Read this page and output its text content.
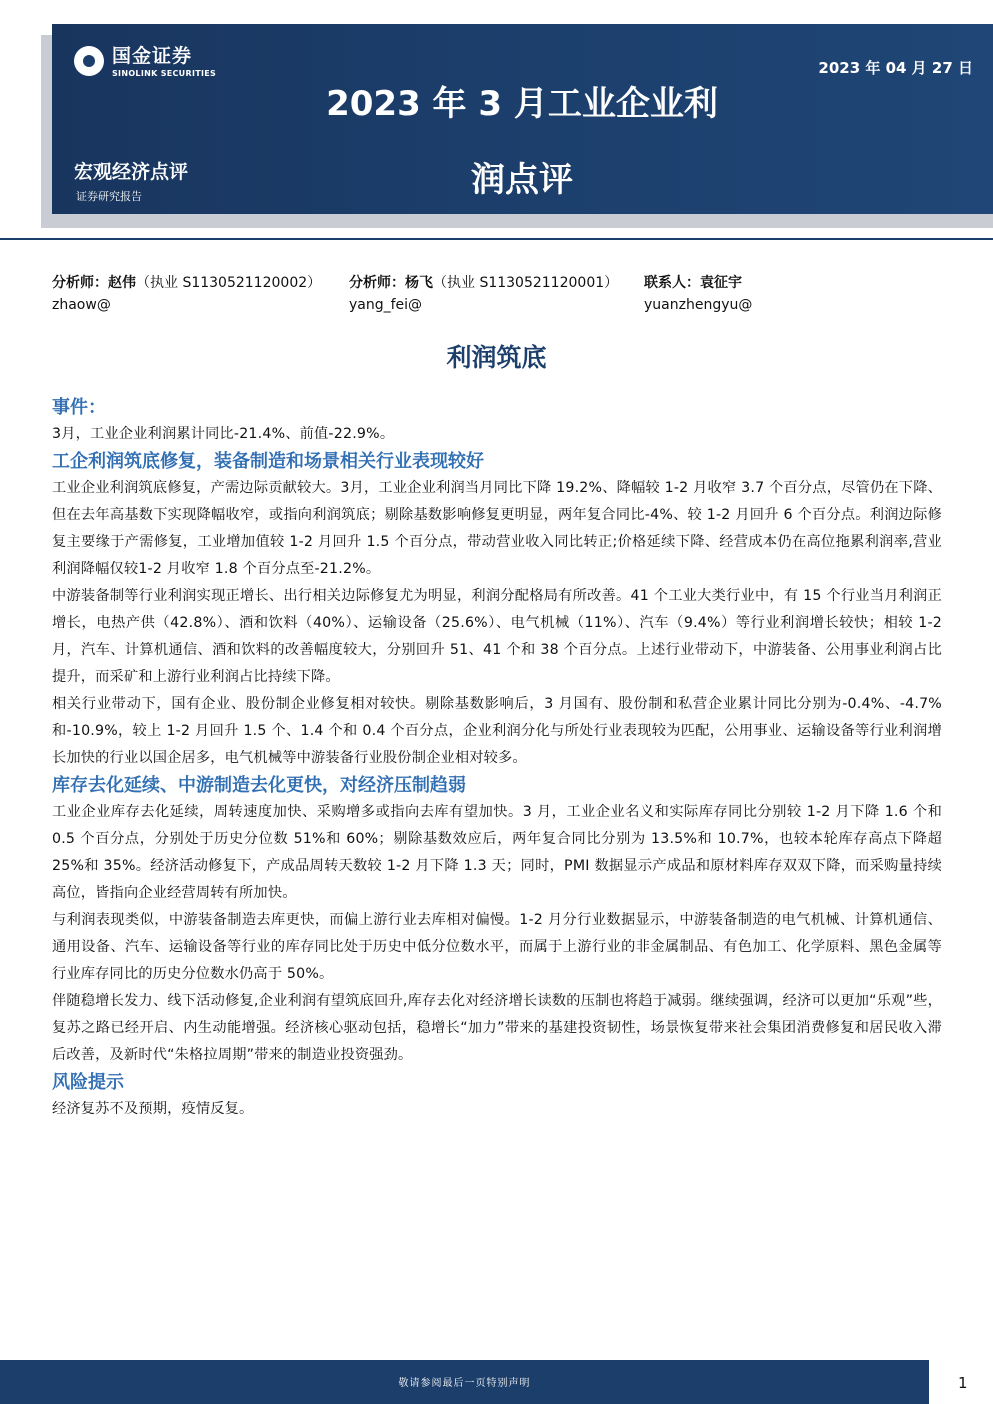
国金证券
SINOLINK SECURITIES	2023 年 04 月 27 日
2023 年 3 月工业企业利润点评
宏观经济点评
证券研究报告
分析师：赵伟（执业 S1130521120002）
zhaow@
分析师：杨飞（执业 S1130521120001）
yang_fei@
联系人：袁征宇
yuanzhengyu@
利润筑底
事件：

3月，工业企业利润累计同比-21.4%、前值-22.9%。

工企利润筑底修复，装备制造和场景相关行业表现较好

工业企业利润筑底修复，产需边际贡献较大。3月，工业企业利润当月同比下降 19.2%、降幅较 1-2 月收窄 3.7 个百分点，尽管仍在下降、但在去年高基数下实现降幅收窄，或指向利润筑底；剔除基数影响修复更明显，两年复合同比-4%、较 1-2 月回升 6 个百分点。利润边际修复主要缘于产需修复，工业增加值较 1-2 月回升 1.5 个百分点，带动营业收入同比转正;价格延续下降、经营成本仍在高位拖累利润率,营业利润降幅仅较1-2 月收窄 1.8 个百分点至-21.2%。

中游装备制等行业利润实现正增长、出行相关边际修复尤为明显，利润分配格局有所改善。41 个工业大类行业中，有 15 个行业当月利润正增长，电热产供（42.8%）、酒和饮料（40%）、运输设备（25.6%）、电气机械（11%）、汽车（9.4%）等行业利润增长较快；相较 1-2 月，汽车、计算机通信、酒和饮料的改善幅度较大，分别回升 51、41 个和 38 个百分点。上述行业带动下，中游装备、公用事业利润占比提升，而采矿和上游行业利润占比持续下降。

相关行业带动下，国有企业、股份制企业修复相对较快。剔除基数影响后，3 月国有、股份制和私营企业累计同比分别为-0.4%、-4.7%和-10.9%，较上 1-2 月回升 1.5 个、1.4 个和 0.4 个百分点，企业利润分化与所处行业表现较为匹配，公用事业、运输设备等行业利润增长加快的行业以国企居多，电气机械等中游装备行业股份制企业相对较多。

库存去化延续、中游制造去化更快，对经济压制趋弱

工业企业库存去化延续，周转速度加快、采购增多或指向去库有望加快。3 月，工业企业名义和实际库存同比分别较 1-2 月下降 1.6 个和 0.5 个百分点，分别处于历史分位数 51%和 60%；剔除基数效应后，两年复合同比分别为 13.5%和 10.7%，也较本轮库存高点下降超 25%和 35%。经济活动修复下，产成品周转天数较 1-2 月下降 1.3 天；同时，PMI 数据显示产成品和原材料库存双双下降，而采购量持续高位，皆指向企业经营周转有所加快。

与利润表现类似，中游装备制造去库更快，而偏上游行业去库相对偏慢。1-2 月分行业数据显示，中游装备制造的电气机械、计算机通信、通用设备、汽车、运输设备等行业的库存同比处于历史中低分位数水平，而属于上游行业的非金属制品、有色加工、化学原料、黑色金属等行业库存同比的历史分位数水仍高于 50%。

伴随稳增长发力、线下活动修复,企业利润有望筑底回升,库存去化对经济增长读数的压制也将趋于减弱。继续强调，经济可以更加“乐观”些，复苏之路已经开启、内生动能增强。经济核心驱动包括，稳增长“加力”带来的基建投资韧性，场景恢复带来社会集团消费修复和居民收入滞后改善，及新时代“朱格拉周期”带来的制造业投资强劲。

风险提示

经济复苏不及预期，疫情反复。

敬请参阅最后一页特别声明	1
